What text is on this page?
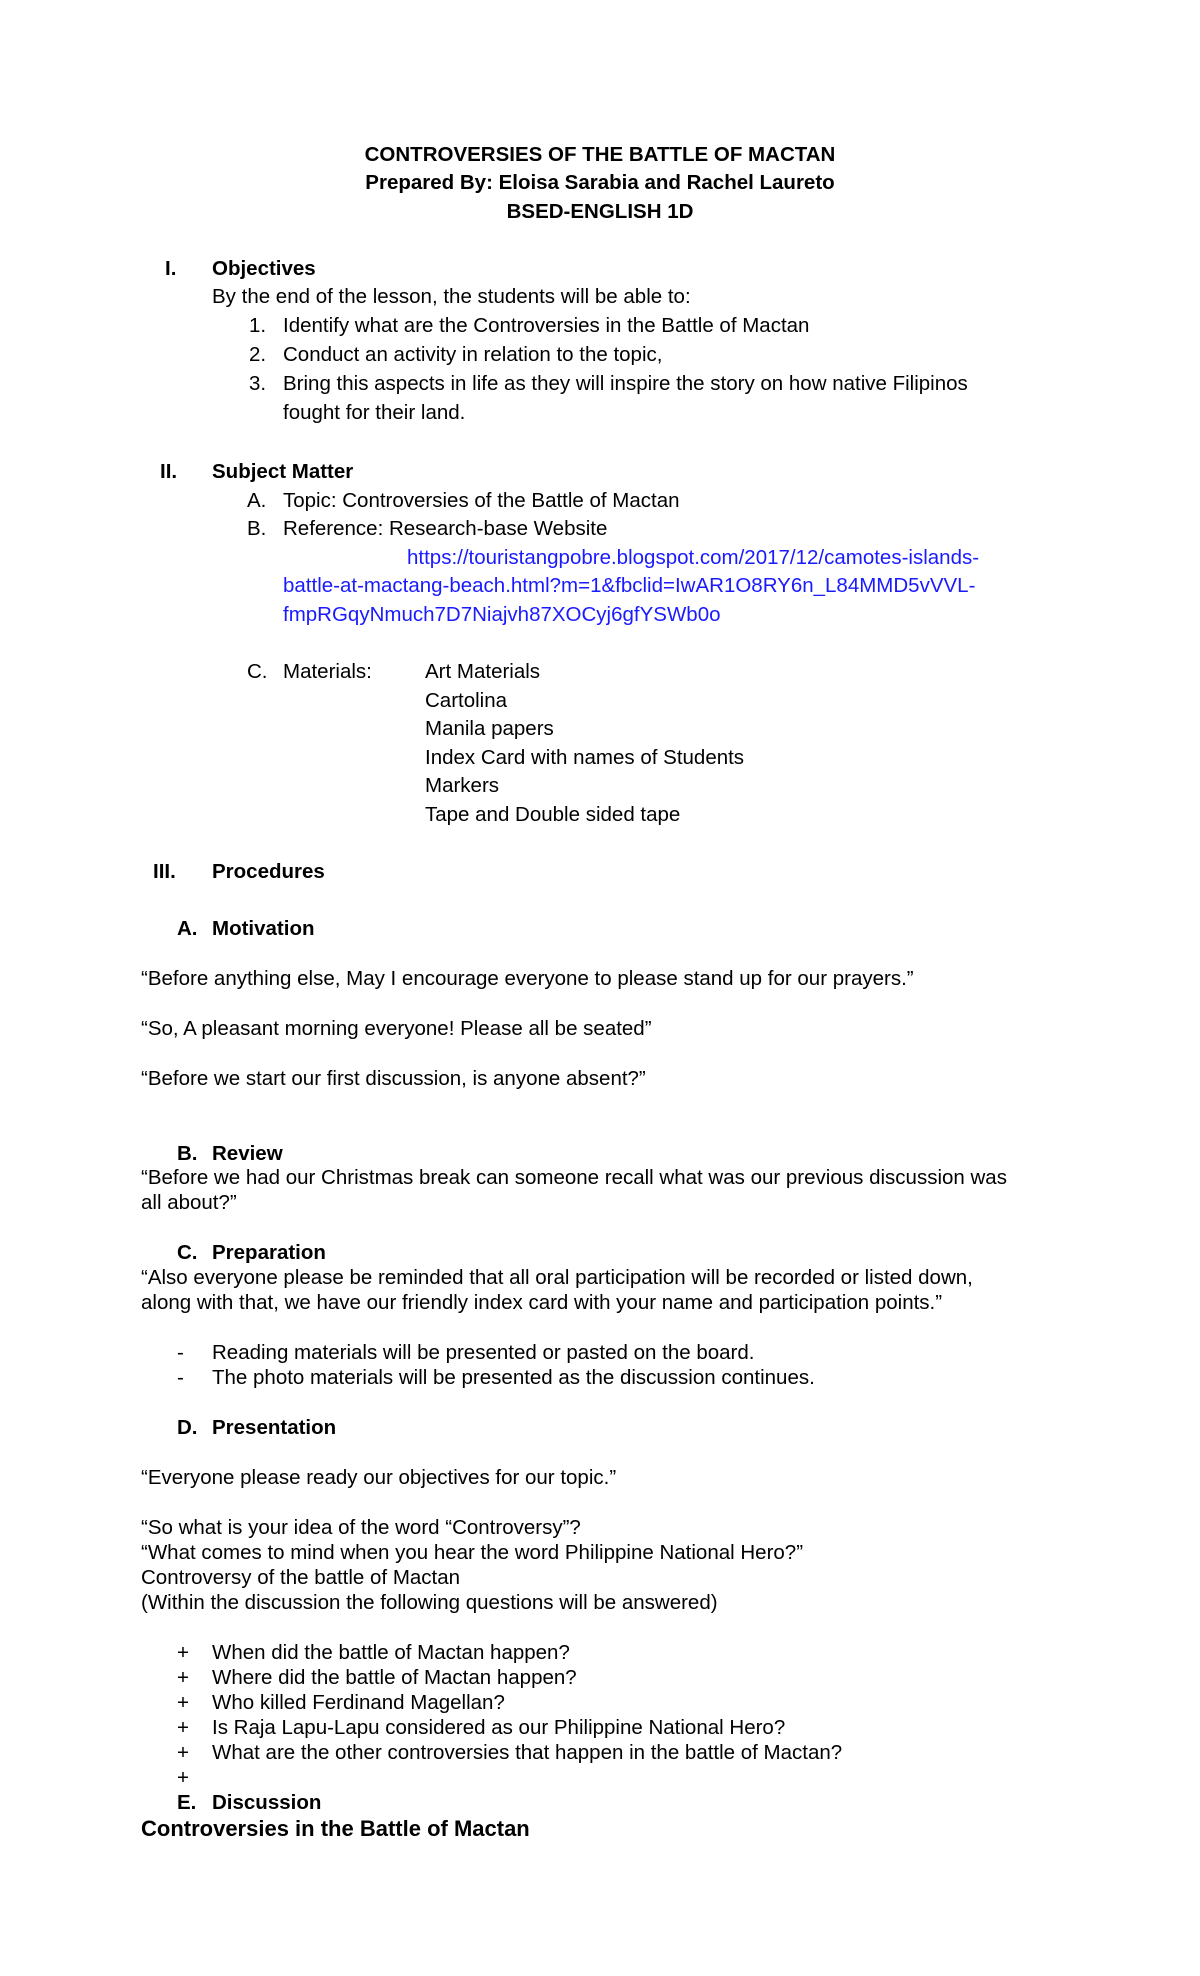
CONTROVERSIES OF THE BATTLE OF MACTAN
Prepared By: Eloisa Sarabia and Rachel Laureto
BSED-ENGLISH 1D
I. Objectives
By the end of the lesson, the students will be able to:
1. Identify what are the Controversies in the Battle of Mactan
2. Conduct an activity in relation to the topic,
3. Bring this aspects in life as they will inspire the story on how native Filipinos
fought for their land.
II. Subject Matter
A. Topic: Controversies of the Battle of Mactan
B. Reference: Research-base Website
https://touristangpobre.blogspot.com/2017/12/camotes-islands-
battle-at-mactang-beach.html?m=1&fbclid=IwAR1O8RY6n_L84MMD5vVVL-
fmpRGqyNmuch7D7Niajvh87XOCyj6gfYSWb0o
C. Materials:	Art Materials
Cartolina
Manila papers
Index Card with names of Students
Markers
Tape and Double sided tape
III. Procedures
A. Motivation
“Before anything else, May I encourage everyone to please stand up for our prayers.”
“So, A pleasant morning everyone! Please all be seated”
“Before we start our first discussion, is anyone absent?”
B. Review
“Before we had our Christmas break can someone recall what was our previous discussion was
all about?”
C. Preparation
“Also everyone please be reminded that all oral participation will be recorded or listed down,
along with that, we have our friendly index card with your name and participation points.”
- Reading materials will be presented or pasted on the board.
- The photo materials will be presented as the discussion continues.
D. Presentation
“Everyone please ready our objectives for our topic.”
“So what is your idea of the word “Controversy”?
“What comes to mind when you hear the word Philippine National Hero?”
Controversy of the battle of Mactan
(Within the discussion the following questions will be answered)
+ When did the battle of Mactan happen?
+ Where did the battle of Mactan happen?
+ Who killed Ferdinand Magellan?
+ Is Raja Lapu-Lapu considered as our Philippine National Hero?
+ What are the other controversies that happen in the battle of Mactan?
+
E. Discussion
Controversies in the Battle of Mactan
